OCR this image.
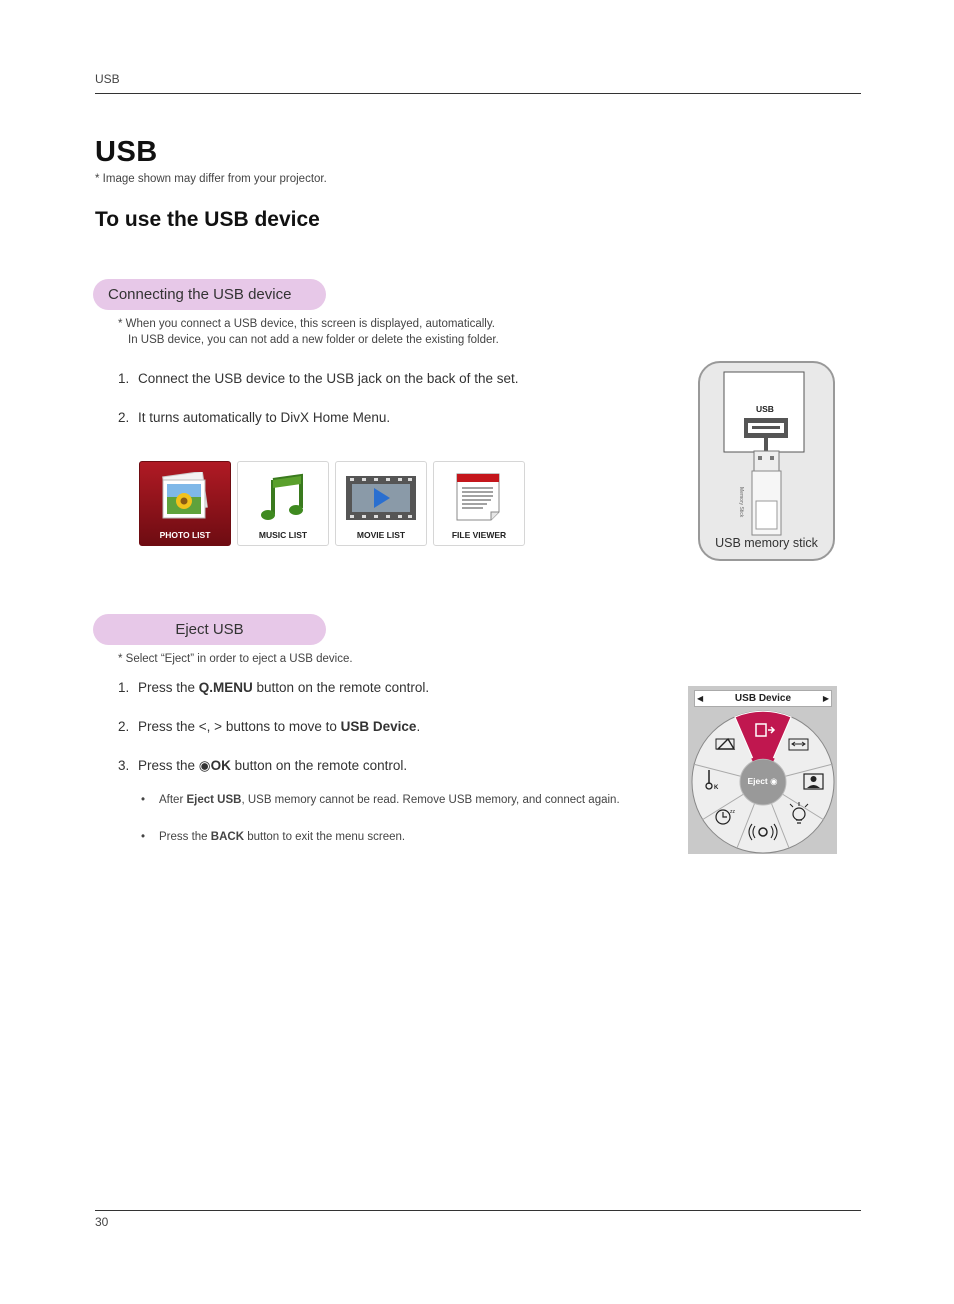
USB
USB
* Image shown may differ from your projector.
To use the USB device
Connecting the USB device
* When you connect a USB device, this screen is displayed, automatically.
In USB device, you can not add a new folder or delete the existing folder.
1. Connect the USB device to the USB jack on the back of the set.
2. It turns automatically to DivX Home Menu.
PHOTO LIST	MUSIC LIST	MOVIE LIST	FILE VIEWER
USB
Memory Stick
USB memory stick
Eject USB
* Select “Eject” in order to eject a USB device.
1. Press the Q.MENU button on the remote control.
2. Press the <, > buttons to move to USB Device.
3. Press the ◉OK button on the remote control.
• After Eject USB, USB memory cannot be read. Remove USB memory, and connect again.
• Press the BACK button to exit the menu screen.
K
zz
Eject ◉
◀	USB Device	▶
30
